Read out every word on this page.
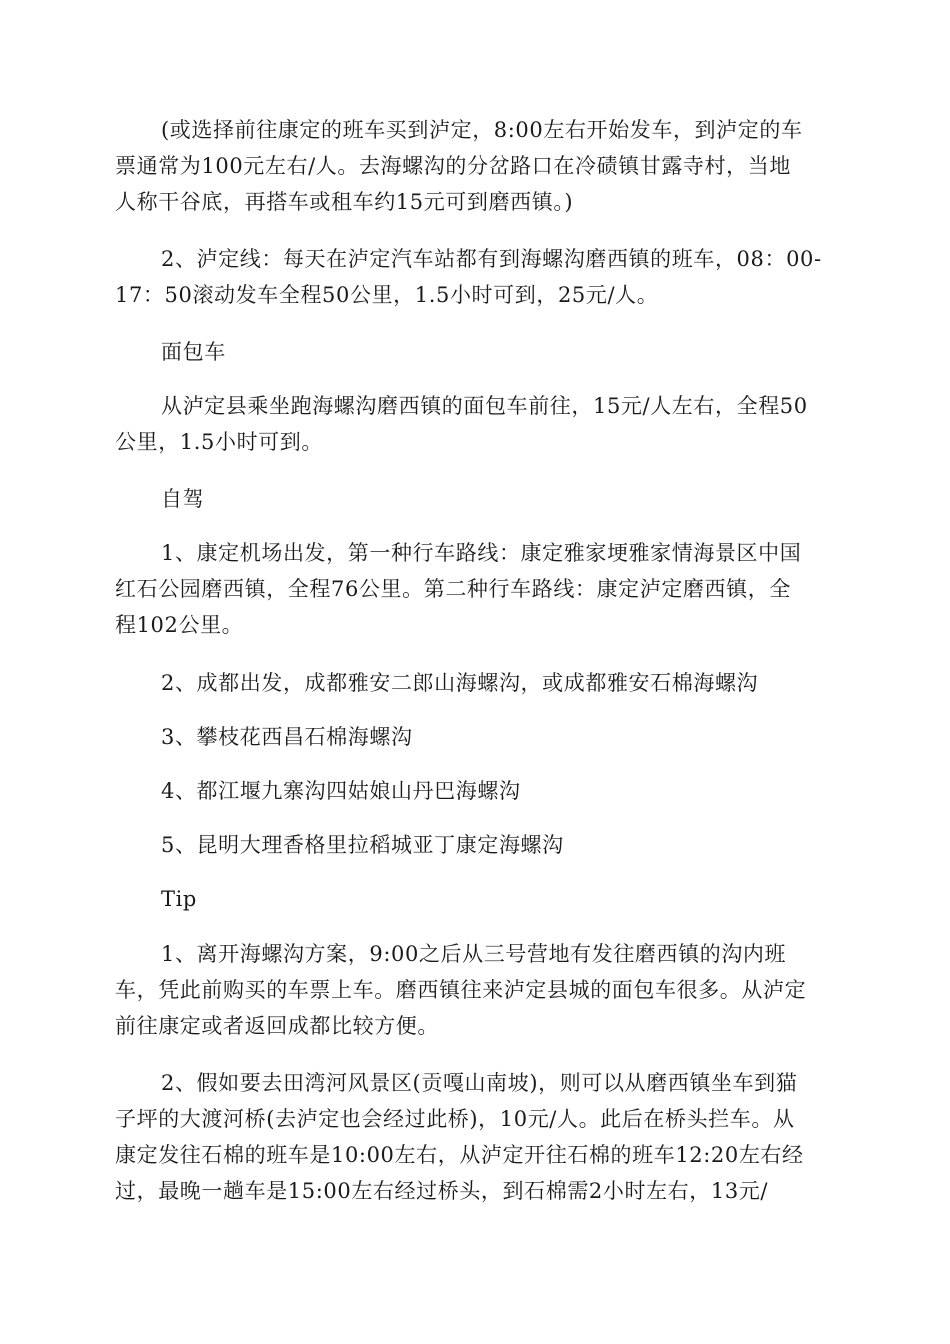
(或选择前往康定的班车买到泸定，8:00左右开始发车，到泸定的车
票通常为100元左右/人。去海螺沟的分岔路口在冷碛镇甘露寺村，当地
人称干谷底，再搭车或租车约15元可到磨西镇。)

2、泸定线：每天在泸定汽车站都有到海螺沟磨西镇的班车，08：00-
17：50滚动发车全程50公里，1.5小时可到，25元/人。

面包车

从泸定县乘坐跑海螺沟磨西镇的面包车前往，15元/人左右，全程50
公里，1.5小时可到。

自驾

1、康定机场出发，第一种行车路线：康定雅家埂雅家情海景区中国
红石公园磨西镇，全程76公里。第二种行车路线：康定泸定磨西镇，全
程102公里。

2、成都出发，成都雅安二郎山海螺沟，或成都雅安石棉海螺沟

3、攀枝花西昌石棉海螺沟

4、都江堰九寨沟四姑娘山丹巴海螺沟

5、昆明大理香格里拉稻城亚丁康定海螺沟

Tip

1、离开海螺沟方案，9:00之后从三号营地有发往磨西镇的沟内班
车，凭此前购买的车票上车。磨西镇往来泸定县城的面包车很多。从泸定
前往康定或者返回成都比较方便。

2、假如要去田湾河风景区(贡嘎山南坡)，则可以从磨西镇坐车到猫
子坪的大渡河桥(去泸定也会经过此桥)，10元/人。此后在桥头拦车。从
康定发往石棉的班车是10:00左右，从泸定开往石棉的班车12:20左右经
过，最晚一趟车是15:00左右经过桥头，到石棉需2小时左右，13元/
